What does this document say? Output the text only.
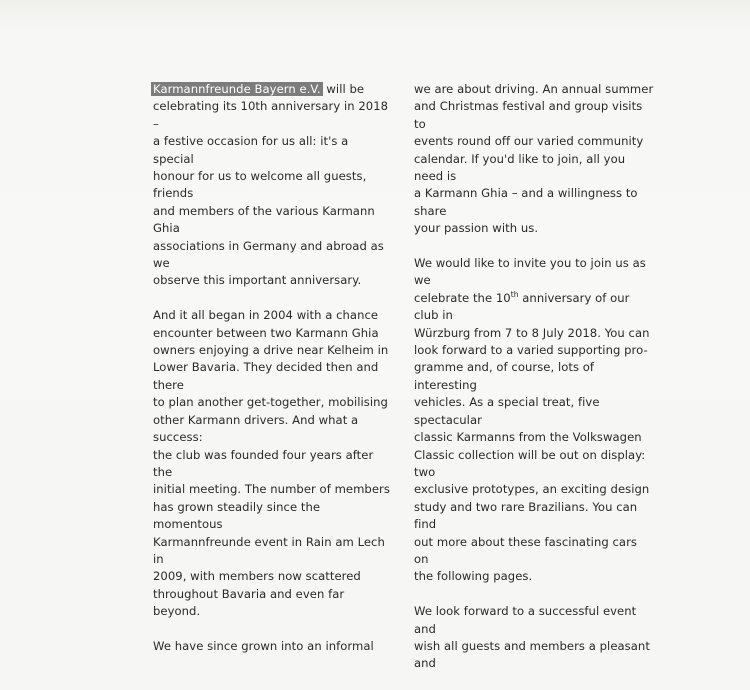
Karmannfreunde Bayern e.V. will be
celebrating its 10th anniversary in 2018 –
a festive occasion for us all: it's a special
honour for us to welcome all guests, friends
and members of the various Karmann Ghia
associations in Germany and abroad as we
observe this important anniversary.

And it all began in 2004 with a chance
encounter between two Karmann Ghia
owners enjoying a drive near Kelheim in
Lower Bavaria. They decided then and there
to plan another get-together, mobilising
other Karmann drivers. And what a success:
the club was founded four years after the
initial meeting. The number of members
has grown steadily since the momentous
Karmannfreunde event in Rain am Lech in
2009, with members now scattered
throughout Bavaria and even far beyond.

We have since grown into an informal

we are about driving. An annual summer
and Christmas festival and group visits to
events round off our varied community
calendar. If you'd like to join, all you need is
a Karmann Ghia – and a willingness to share
your passion with us.

We would like to invite you to join us as we
celebrate the 10th anniversary of our club in
Würzburg from 7 to 8 July 2018. You can
look forward to a varied supporting pro-
gramme and, of course, lots of interesting
vehicles. As a special treat, five spectacular
classic Karmanns from the Volkswagen
Classic collection will be out on display: two
exclusive prototypes, an exciting design
study and two rare Brazilians. You can find
out more about these fascinating cars on
the following pages.

We look forward to a successful event and
wish all guests and members a pleasant and
